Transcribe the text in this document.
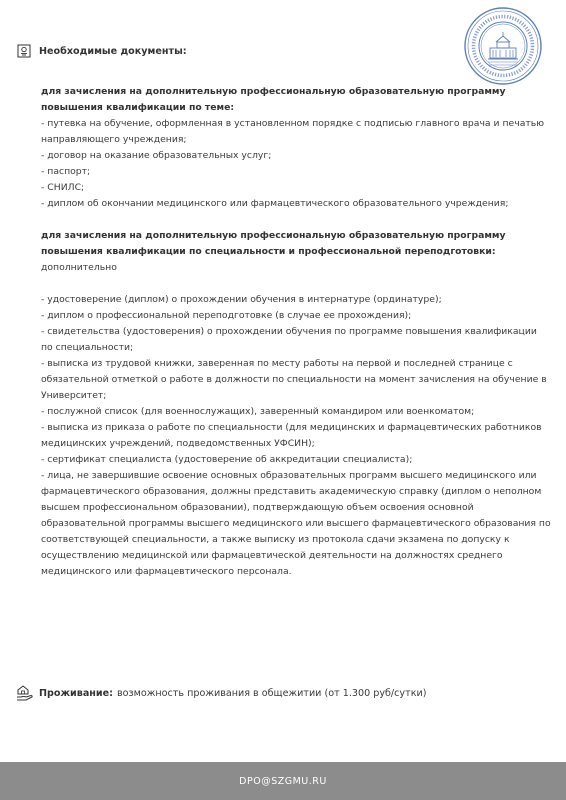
Необходимые документы:

для зачисления на дополнительную профессиональную образовательную программу повышения квалификации по теме:

- путевка на обучение, оформленная в установленном порядке с подписью главного врача и печатью направляющего учреждения;

- договор на оказание образовательных услуг;

- паспорт;

- СНИЛС;

- диплом об окончании медицинского или фармацевтического образовательного учреждения;

для зачисления на дополнительную профессиональную образовательную программу повышения квалификации по специальности и профессиональной переподготовки:

дополнительно

- удостоверение (диплом) о прохождении обучения в интернатуре (ординатуре);

- диплом о профессиональной переподготовке (в случае ее прохождения);

- свидетельства (удостоверения) о прохождении обучения по программе повышения квалификации по специальности;

- выписка из трудовой книжки, заверенная по месту работы на первой и последней странице с обязательной отметкой о работе в должности по специальности на момент зачисления на обучение в Университет;

- послужной список (для военнослужащих), заверенный командиром или военкоматом;

- выписка из приказа о работе по специальности (для медицинских и фармацевтических работников медицинских учреждений, подведомственных УФСИН);

- сертификат специалиста (удостоверение об аккредитации специалиста);

- лица, не завершившие освоение основных образовательных программ высшего медицинского или фармацевтического образования, должны представить академическую справку (диплом о неполном высшем профессиональном образовании), подтверждающую объем освоения основной образовательной программы высшего медицинского или высшего фармацевтического образования по соответствующей специальности, а также выписку из протокола сдачи экзамена по допуску к осуществлению медицинской или фармацевтической деятельности на должностях среднего медицинского или фармацевтического персонала.

Проживание: возможность проживания в общежитии (от 1.300 руб/сутки)
DPO@SZGMU.RU
